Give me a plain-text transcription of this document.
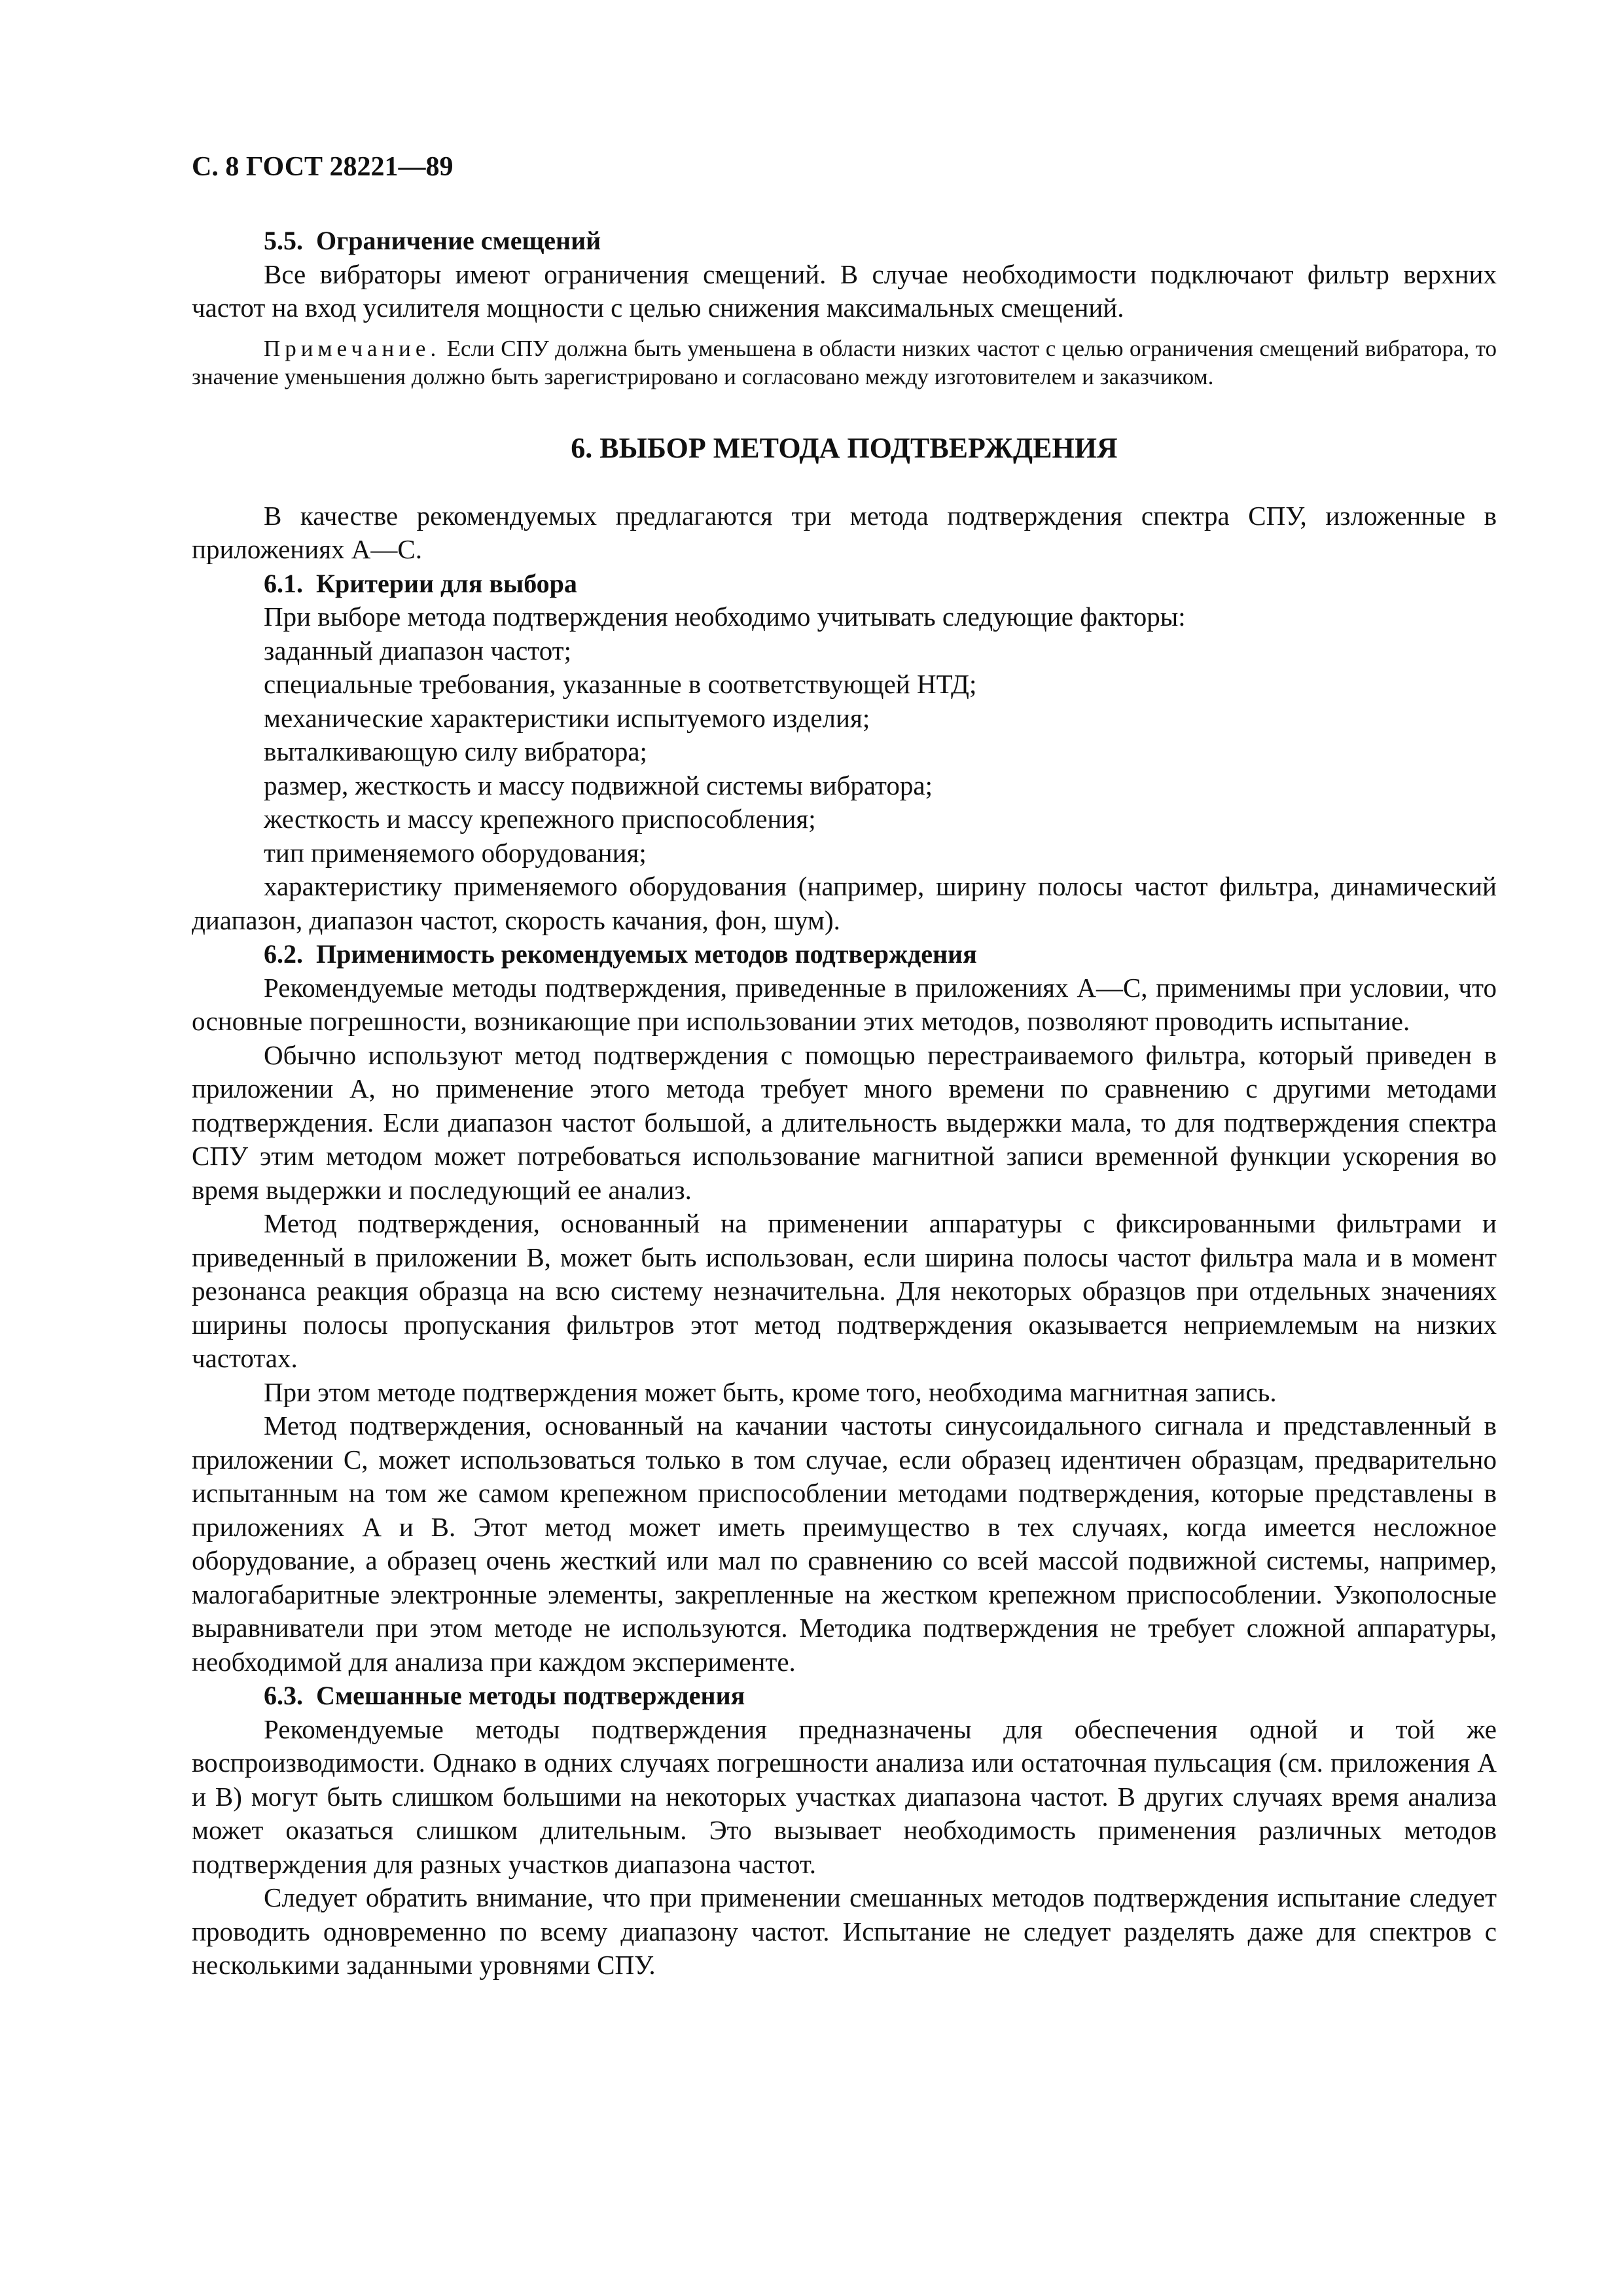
С. 8 ГОСТ 28221—89
5.5. Ограничение смещений

Все вибраторы имеют ограничения смещений. В случае необходимости подключают фильтр верхних частот на вход усилителя мощности с целью снижения максимальных смещений.

Примечание. Если СПУ должна быть уменьшена в области низких частот с целью ограничения смещений вибратора, то значение уменьшения должно быть зарегистрировано и согласовано между изготовителем и заказчиком.

6. ВЫБОР МЕТОДА ПОДТВЕРЖДЕНИЯ

В качестве рекомендуемых предлагаются три метода подтверждения спектра СПУ, изложенные в приложениях А—С.

6.1. Критерии для выбора
При выборе метода подтверждения необходимо учитывать следующие факторы:
заданный диапазон частот;
специальные требования, указанные в соответствующей НТД;
механические характеристики испытуемого изделия;
выталкивающую силу вибратора;
размер, жесткость и массу подвижной системы вибратора;
жесткость и массу крепежного приспособления;
тип применяемого оборудования;

характеристику применяемого оборудования (например, ширину полосы частот фильтра, динамический диапазон, диапазон частот, скорость качания, фон, шум).

6.2. Применимость рекомендуемых методов подтверждения

Рекомендуемые методы подтверждения, приведенные в приложениях А—С, применимы при условии, что основные погрешности, возникающие при использовании этих методов, позволяют проводить испытание.

Обычно используют метод подтверждения с помощью перестраиваемого фильтра, который приведен в приложении А, но применение этого метода требует много времени по сравнению с другими методами подтверждения. Если диапазон частот большой, а длительность выдержки мала, то для подтверждения спектра СПУ этим методом может потребоваться использование магнитной записи временной функции ускорения во время выдержки и последующий ее анализ.

Метод подтверждения, основанный на применении аппаратуры с фиксированными фильтрами и приведенный в приложении В, может быть использован, если ширина полосы частот фильтра мала и в момент резонанса реакция образца на всю систему незначительна. Для некоторых образцов при отдельных значениях ширины полосы пропускания фильтров этот метод подтверждения оказывается неприемлемым на низких частотах.

При этом методе подтверждения может быть, кроме того, необходима магнитная запись.

Метод подтверждения, основанный на качании частоты синусоидального сигнала и представленный в приложении С, может использоваться только в том случае, если образец идентичен образцам, предварительно испытанным на том же самом крепежном приспособлении методами подтверждения, которые представлены в приложениях А и В. Этот метод может иметь преимущество в тех случаях, когда имеется несложное оборудование, а образец очень жесткий или мал по сравнению со всей массой подвижной системы, например, малогабаритные электронные элементы, закрепленные на жестком крепежном приспособлении. Узкополосные выравниватели при этом методе не используются. Методика подтверждения не требует сложной аппаратуры, необходимой для анализа при каждом эксперименте.

6.3. Смешанные методы подтверждения

Рекомендуемые методы подтверждения предназначены для обеспечения одной и той же воспроизводимости. Однако в одних случаях погрешности анализа или остаточная пульсация (см. приложения А и В) могут быть слишком большими на некоторых участках диапазона частот. В других случаях время анализа может оказаться слишком длительным. Это вызывает необходимость применения различных методов подтверждения для разных участков диапазона частот.

Следует обратить внимание, что при применении смешанных методов подтверждения испытание следует проводить одновременно по всему диапазону частот. Испытание не следует разделять даже для спектров с несколькими заданными уровнями СПУ.
